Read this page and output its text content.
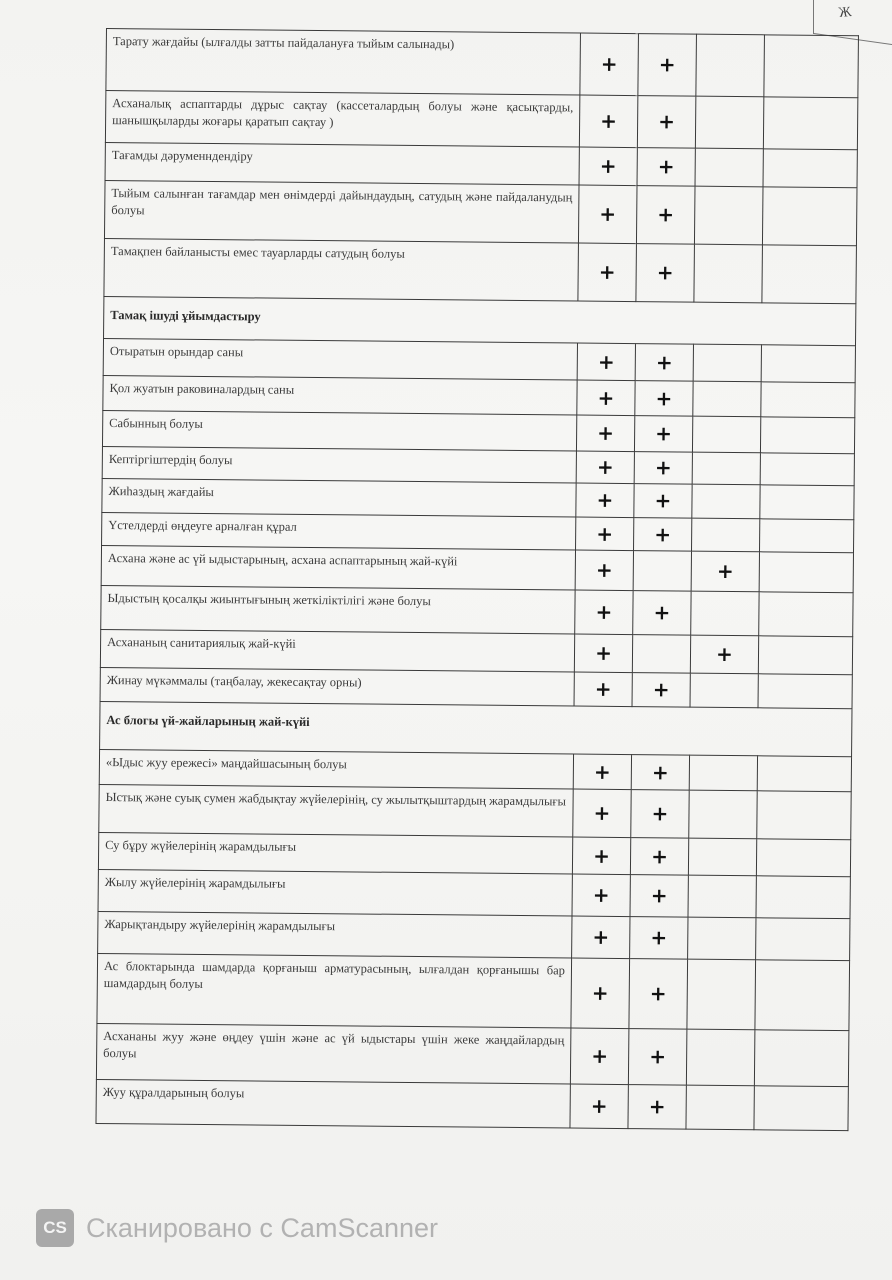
Ж
Тарату жағдайы (ылғалды затты пайдалануға тыйым салынады)	+	+		
Асханалық аспаптарды дұрыс сақтау (кассеталардың болуы және қасықтарды, шанышқыларды жоғары қаратып сақтау )	+	+		
Тағамды дәруменндендіру	+	+		
Тыйым салынған тағамдар мен өнімдерді дайындаудың, сатудың және пайдаланудың болуы	+	+		
Тамақпен байланысты емес тауарларды сатудың болуы	+	+		
Тамақ ішуді ұйымдастыру				
Отыратын орындар саны	+	+		
Қол жуатын раковиналардың саны	+	+		
Сабынның болуы	+	+		
Кептіргіштердің болуы	+	+		
Жиһаздың жағдайы	+	+		
Үстелдерді өңдеуге арналған құрал	+	+		
Асхана және ас үй ыдыстарының, асхана аспаптарының жай-күйі	+		+	
Ыдыстың қосалқы жиынтығының жеткіліктілігі және болуы	+	+		
Асхананың санитариялық жай-күйі	+		+	
Жинау мүкәммалы (таңбалау, жекесақтау орны)	+	+		
Ас блогы үй-жайларының жай-күйі				
«Ыдыс жуу ережесі» маңдайшасының болуы	+	+		
Ыстық және суық сумен жабдықтау жүйелерінің, су жылытқыштардың жарамдылығы	+	+		
Су бұру жүйелерінің жарамдылығы	+	+		
Жылу жүйелерінің жарамдылығы	+	+		
Жарықтандыру жүйелерінің жарамдылығы	+	+		
Ас блоктарында шамдарда қорғаныш арматурасының, ылғалдан қорғанышы бар шамдардың болуы	+	+		
Асхананы жуу және өңдеу үшін және ас үй ыдыстары үшін жеке жаңдайлардың болуы	+	+		
Жуу құралдарының болуы	+	+		
CS Сканировано с CamScanner
